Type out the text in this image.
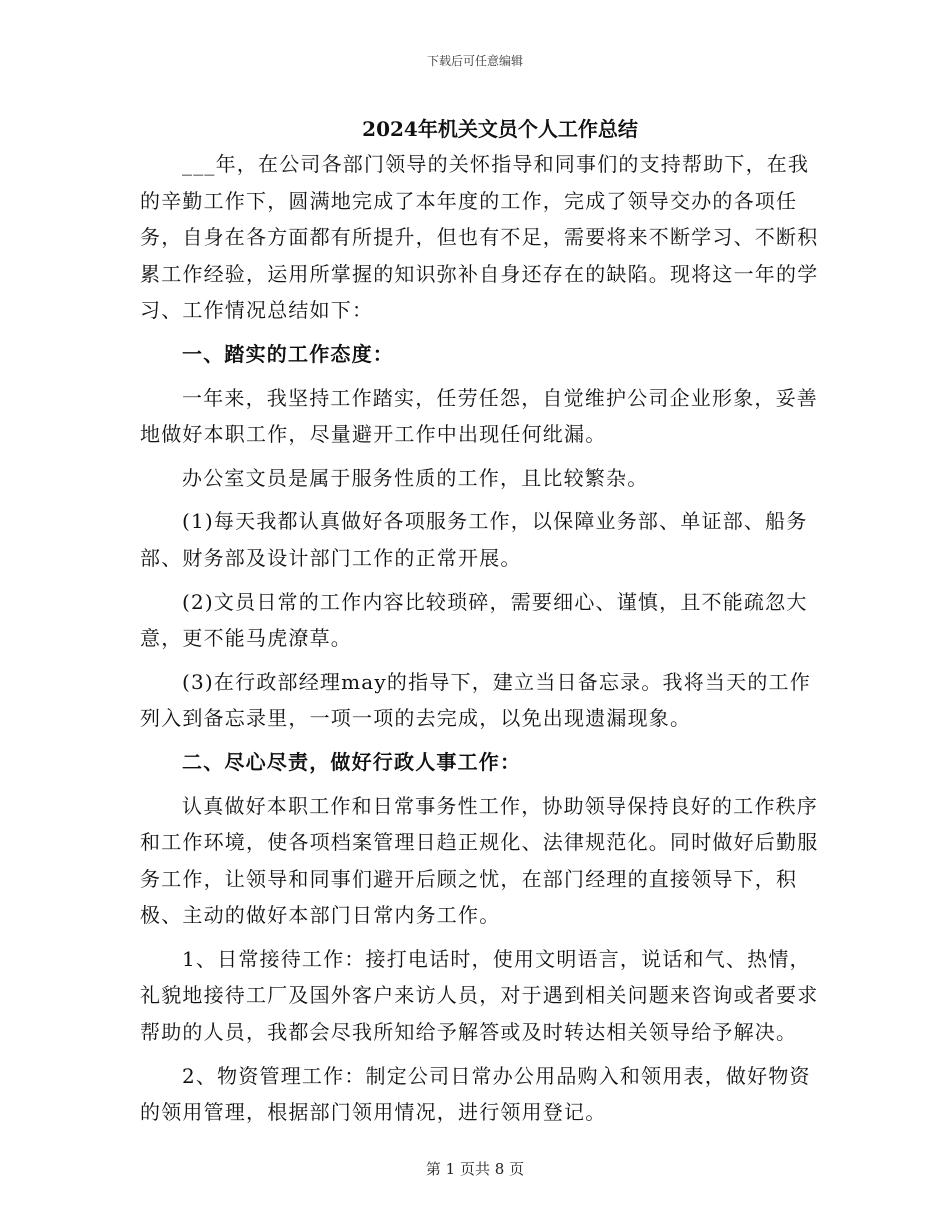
下载后可任意编辑
2024年机关文员个人工作总结

___年，在公司各部门领导的关怀指导和同事们的支持帮助下，在我的辛勤工作下，圆满地完成了本年度的工作，完成了领导交办的各项任务，自身在各方面都有所提升，但也有不足，需要将来不断学习、不断积累工作经验，运用所掌握的知识弥补自身还存在的缺陷。现将这一年的学习、工作情况总结如下：

一、踏实的工作态度：

一年来，我坚持工作踏实，任劳任怨，自觉维护公司企业形象，妥善地做好本职工作，尽量避开工作中出现任何纰漏。

办公室文员是属于服务性质的工作，且比较繁杂。

(1)每天我都认真做好各项服务工作，以保障业务部、单证部、船务部、财务部及设计部门工作的正常开展。

(2)文员日常的工作内容比较琐碎，需要细心、谨慎，且不能疏忽大意，更不能马虎潦草。

(3)在行政部经理may的指导下，建立当日备忘录。我将当天的工作列入到备忘录里，一项一项的去完成，以免出现遗漏现象。

二、尽心尽责，做好行政人事工作：

认真做好本职工作和日常事务性工作，协助领导保持良好的工作秩序和工作环境，使各项档案管理日趋正规化、法律规范化。同时做好后勤服务工作，让领导和同事们避开后顾之忧，在部门经理的直接领导下，积极、主动的做好本部门日常内务工作。

1、日常接待工作：接打电话时，使用文明语言，说话和气、热情，礼貌地接待工厂及国外客户来访人员，对于遇到相关问题来咨询或者要求帮助的人员，我都会尽我所知给予解答或及时转达相关领导给予解决。

2、物资管理工作：制定公司日常办公用品购入和领用表，做好物资的领用管理，根据部门领用情况，进行领用登记。

第 1 页共 8 页
